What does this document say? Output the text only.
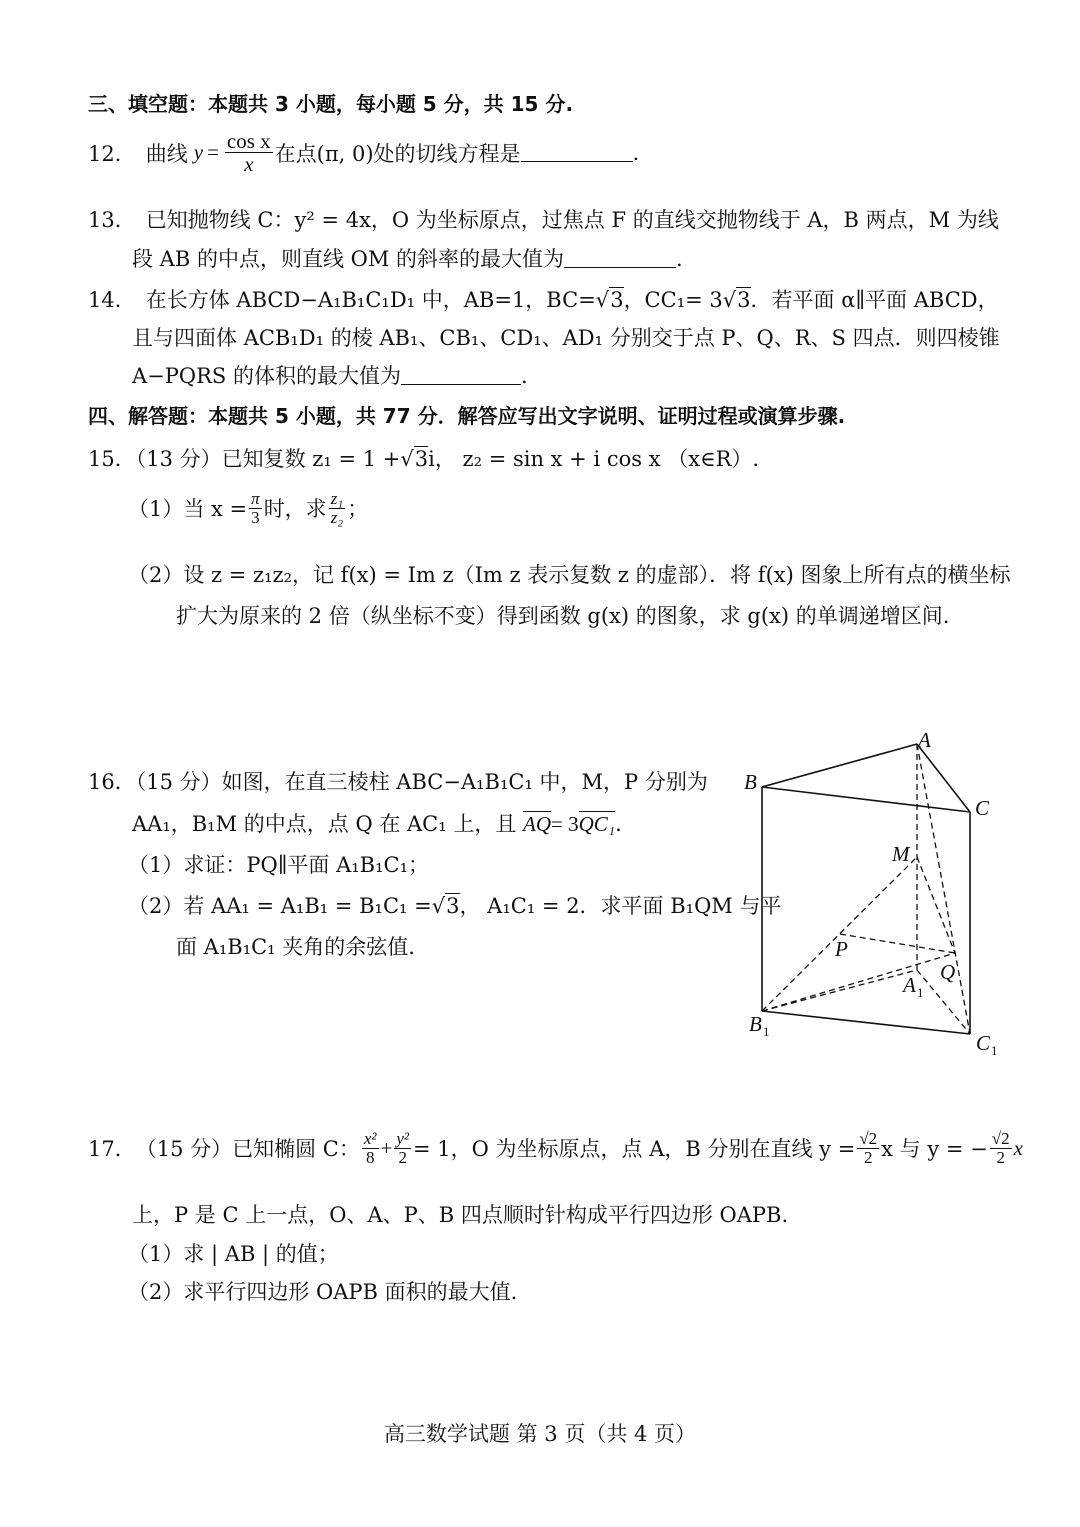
三、填空题：本题共 3 小题，每小题 5 分，共 15 分.
12． 曲线 $y = \frac{\text{cos x}}{x}$ 在点(π, 0)处的切线方程是	.
13． 已知抛物线 C：y² = 4x，O 为坐标原点，过焦点 F 的直线交抛物线于 A，B 两点，M 为线
段 AB 的中点，则直线 OM 的斜率的最大值为	.
14． 在长方体 ABCD−A₁B₁C₁D₁ 中，AB=1，BC=√3，CC₁= 3√3．若平面 α∥平面 ABCD，
且与四面体 ACB₁D₁ 的棱 AB₁、CB₁、CD₁、AD₁ 分别交于点 P、Q、R、S 四点．则四棱锥
A−PQRS 的体积的最大值为	.
四、解答题：本题共 5 小题，共 77 分．解答应写出文字说明、证明过程或演算步骤.
15．（13 分）已知复数 z₁ = 1 +√3i， z₂ = sin x + i cos x （x∈R）.
（1）当 $x = \frac{\pi}{3}$ 时，求 $\frac{\text{z₁}}{\text{z₂}}$ ；
（2）设 z = z₁z₂，记 f(x) = Im z（Im z 表示复数 z 的虚部）．将 f(x) 图象上所有点的横坐标
扩大为原来的 2 倍（纵坐标不变）得到函数 g(x) 的图象，求 g(x) 的单调递增区间.
16．（15 分）如图，在直三棱柱 ABC−A₁B₁C₁ 中，M，P 分别为
AA₁，B₁M 的中点，点 Q 在 AC₁ 上，且 AQ= 3QC₁.
（1）求证：PQ∥平面 A₁B₁C₁；
（2）若 AA₁ = A₁B₁ = B₁C₁ =√3， A₁C₁ = 2．求平面 B₁QM 与平
面 A₁B₁C₁ 夹角的余弦值.
A
B
C
M
P
Q
A 1
B 1	C 1
17． （15 分）已知椭圆 C： $\frac{\text{x²}}{8} + \frac{\text{y²}}{2} = 1$，O 为坐标原点，点 A，B 分别在直线 $y = \frac{√2}{2}$ x 与 y = − $\frac{√2}{2}$ x
上，P 是 C 上一点，O、A、P、B 四点顺时针构成平行四边形 OAPB.
（1）求 | AB | 的值；
（2）求平行四边形 OAPB 面积的最大值.
高三数学试题 第 3 页（共 4 页）
